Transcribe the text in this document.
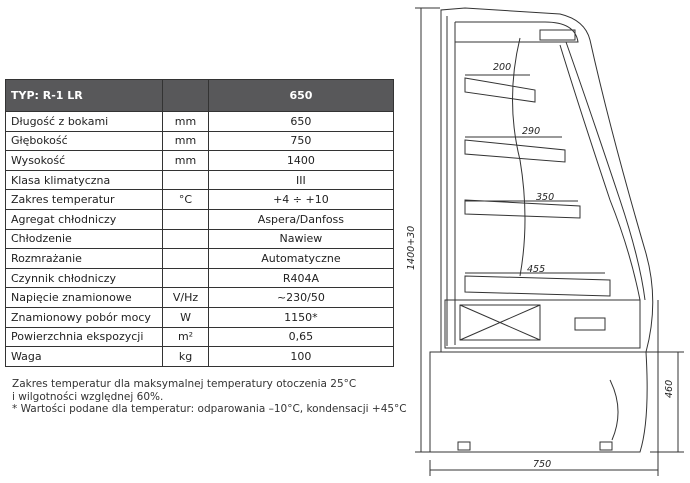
TYP: R-1 LR		650
Długość z bokami	mm	650
Głębokość	mm	750
Wysokość	mm	1400
Klasa klimatyczna		III
Zakres temperatur	°C	+4 ÷ +10
Agregat chłodniczy		Aspera/Danfoss
Chłodzenie		Nawiew
Rozmrażanie		Automatyczne
Czynnik chłodniczy		R404A
Napięcie znamionowe	V/Hz	~230/50
Znamionowy pobór mocy	W	1150*
Powierzchnia ekspozycji	m²	0,65
Waga	kg	100
Zakres temperatur dla maksymalnej temperatury otoczenia 25°C
i wilgotności względnej 60%.
* Wartości podane dla temperatur: odparowania –10°C, kondensacji +45°C
200
290
350
455
1400+30
460
750
